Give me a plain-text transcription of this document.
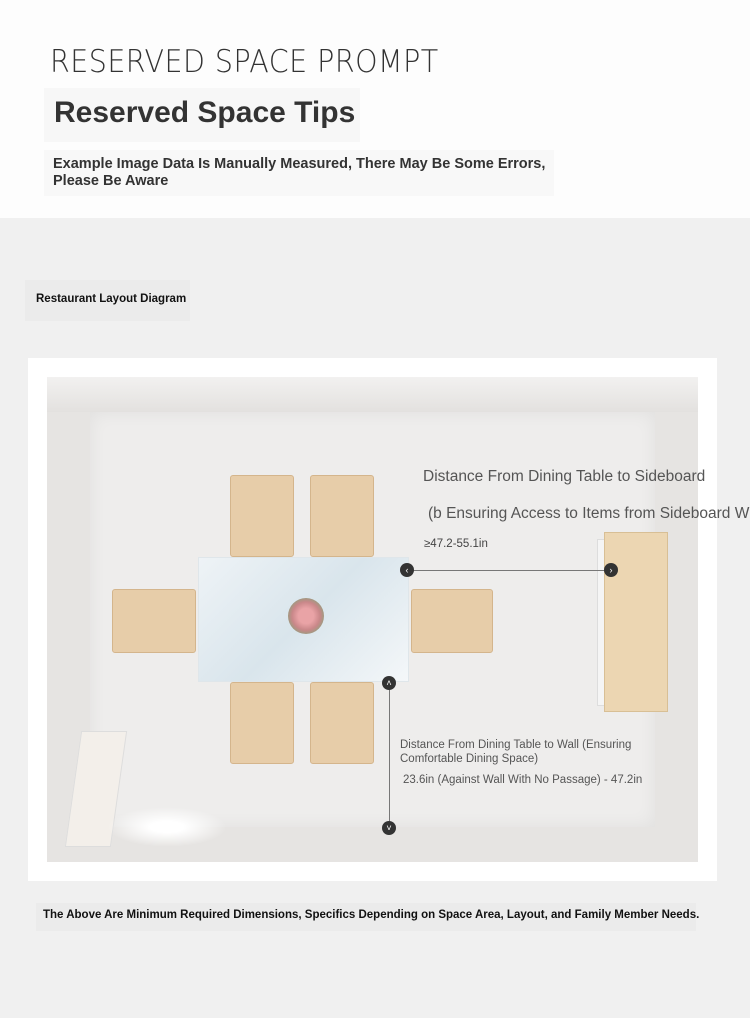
RESERVED SPACE PROMPT
Reserved Space Tips
Example Image Data Is Manually Measured, There May Be Some Errors, Please Be Aware
Restaurant Layout Diagram
Distance From Dining Table to Sideboard
(b Ensuring Access to Items from Sideboard W
≥47.2-55.1in
‹	›
˄
˅
Distance From Dining Table to Wall (Ensuring Comfortable Dining Space)
23.6in (Against Wall With No Passage) - 47.2in
The Above Are Minimum Required Dimensions, Specifics Depending on Space Area, Layout, and Family Member Needs.
